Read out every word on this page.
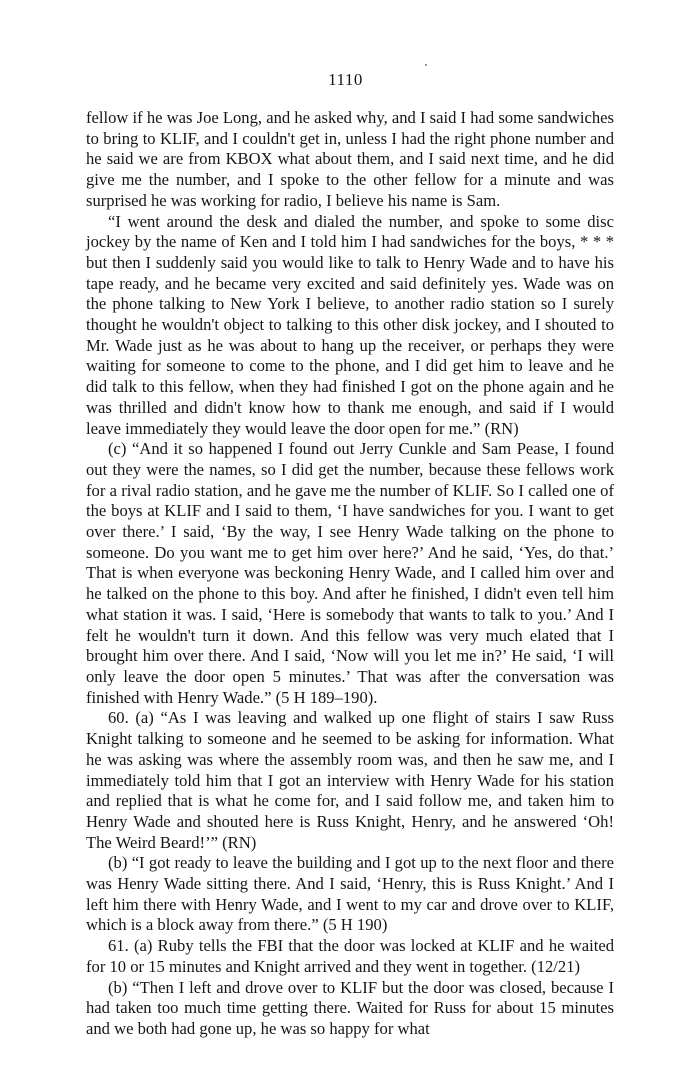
1110

fellow if he was Joe Long, and he asked why, and I said I had some sandwiches to bring to KLIF, and I couldn't get in, unless I had the right phone number and he said we are from KBOX what about them, and I said next time, and he did give me the number, and I spoke to the other fellow for a minute and was surprised he was working for radio, I believe his name is Sam.

“I went around the desk and dialed the number, and spoke to some disc jockey by the name of Ken and I told him I had sandwiches for the boys, * * * but then I suddenly said you would like to talk to Henry Wade and to have his tape ready, and he became very excited and said definitely yes. Wade was on the phone talking to New York I believe, to another radio station so I surely thought he wouldn't object to talking to this other disk jockey, and I shouted to Mr. Wade just as he was about to hang up the receiver, or perhaps they were waiting for someone to come to the phone, and I did get him to leave and he did talk to this fellow, when they had finished I got on the phone again and he was thrilled and didn't know how to thank me enough, and said if I would leave immediately they would leave the door open for me.” (RN)

(c) “And it so happened I found out Jerry Cunkle and Sam Pease, I found out they were the names, so I did get the number, because these fellows work for a rival radio station, and he gave me the number of KLIF. So I called one of the boys at KLIF and I said to them, ‘I have sandwiches for you. I want to get over there.’ I said, ‘By the way, I see Henry Wade talking on the phone to someone. Do you want me to get him over here?’ And he said, ‘Yes, do that.’ That is when everyone was beckoning Henry Wade, and I called him over and he talked on the phone to this boy. And after he finished, I didn't even tell him what station it was. I said, ‘Here is somebody that wants to talk to you.’ And I felt he wouldn't turn it down. And this fellow was very much elated that I brought him over there. And I said, ‘Now will you let me in?’ He said, ‘I will only leave the door open 5 minutes.’ That was after the conversation was finished with Henry Wade.” (5 H 189–190).

60. (a) “As I was leaving and walked up one flight of stairs I saw Russ Knight talking to someone and he seemed to be asking for information. What he was asking was where the assembly room was, and then he saw me, and I immediately told him that I got an interview with Henry Wade for his station and replied that is what he come for, and I said follow me, and taken him to Henry Wade and shouted here is Russ Knight, Henry, and he answered ‘Oh! The Weird Beard!’” (RN)

(b) “I got ready to leave the building and I got up to the next floor and there was Henry Wade sitting there. And I said, ‘Henry, this is Russ Knight.’ And I left him there with Henry Wade, and I went to my car and drove over to KLIF, which is a block away from there.” (5 H 190)

61. (a) Ruby tells the FBI that the door was locked at KLIF and he waited for 10 or 15 minutes and Knight arrived and they went in together. (12/21)

(b) “Then I left and drove over to KLIF but the door was closed, because I had taken too much time getting there. Waited for Russ for about 15 minutes and we both had gone up, he was so happy for what
